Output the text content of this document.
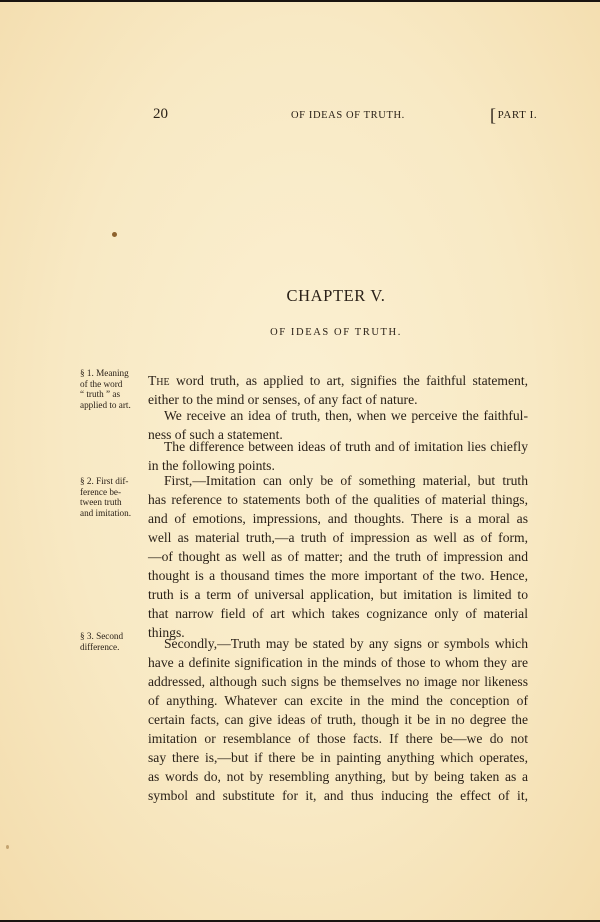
20	OF IDEAS OF TRUTH.	[PART I.
CHAPTER V.
OF IDEAS OF TRUTH.
§ 1. Meaning
of the word
“ truth ” as
applied to art.
§ 2. First dif-
ference be-
tween truth
and imitation.
§ 3. Second
difference.
The word truth, as applied to art, signifies the faithful statement,
either to the mind or senses, of any fact of nature.
We receive an idea of truth, then, when we perceive the faithful-
ness of such a statement.
The difference between ideas of truth and of imitation lies chiefly
in the following points.
First,—Imitation can only be of something material, but truth
has reference to statements both of the qualities of material things,
and of emotions, impressions, and thoughts. There is a moral as
well as material truth,—a truth of impression as well as of form,
—of thought as well as of matter; and the truth of impression and
thought is a thousand times the more important of the two. Hence,
truth is a term of universal application, but imitation is limited to
that narrow field of art which takes cognizance only of material
things.
Secondly,—Truth may be stated by any signs or symbols which
have a definite signification in the minds of those to whom they are
addressed, although such signs be themselves no image nor likeness
of anything. Whatever can excite in the mind the conception of
certain facts, can give ideas of truth, though it be in no degree the
imitation or resemblance of those facts. If there be—we do not
say there is,—but if there be in painting anything which operates,
as words do, not by resembling anything, but by being taken as a
symbol and substitute for it, and thus inducing the effect of it,
